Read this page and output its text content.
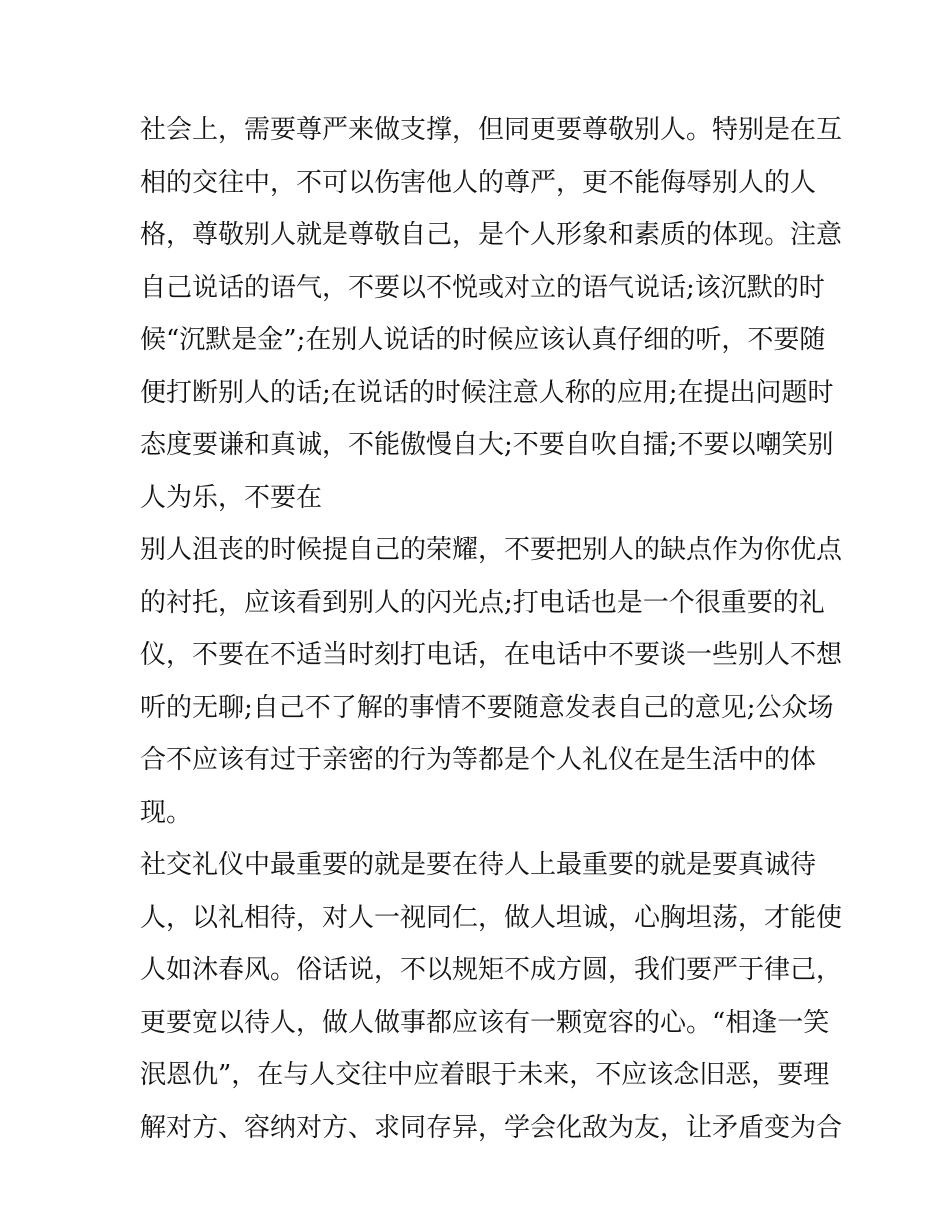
社会上，需要尊严来做支撑，但同更要尊敬别人。特别是在互
相的交往中，不可以伤害他人的尊严，更不能侮辱别人的人
格，尊敬别人就是尊敬自己，是个人形象和素质的体现。注意
自己说话的语气，不要以不悦或对立的语气说话;该沉默的时
候“沉默是金”;在别人说话的时候应该认真仔细的听，不要随
便打断别人的话;在说话的时候注意人称的应用;在提出问题时
态度要谦和真诚，不能傲慢自大;不要自吹自擂;不要以嘲笑别
人为乐，不要在
别人沮丧的时候提自己的荣耀，不要把别人的缺点作为你优点
的衬托，应该看到别人的闪光点;打电话也是一个很重要的礼
仪，不要在不适当时刻打电话，在电话中不要谈一些别人不想
听的无聊;自己不了解的事情不要随意发表自己的意见;公众场
合不应该有过于亲密的行为等都是个人礼仪在是生活中的体
现。
社交礼仪中最重要的就是要在待人上最重要的就是要真诚待
人，以礼相待，对人一视同仁，做人坦诚，心胸坦荡，才能使
人如沐春风。俗话说，不以规矩不成方圆，我们要严于律己，
更要宽以待人，做人做事都应该有一颗宽容的心。“相逢一笑
泯恩仇”，在与人交往中应着眼于未来，不应该念旧恶，要理
解对方、容纳对方、求同存异，学会化敌为友，让矛盾变为合
